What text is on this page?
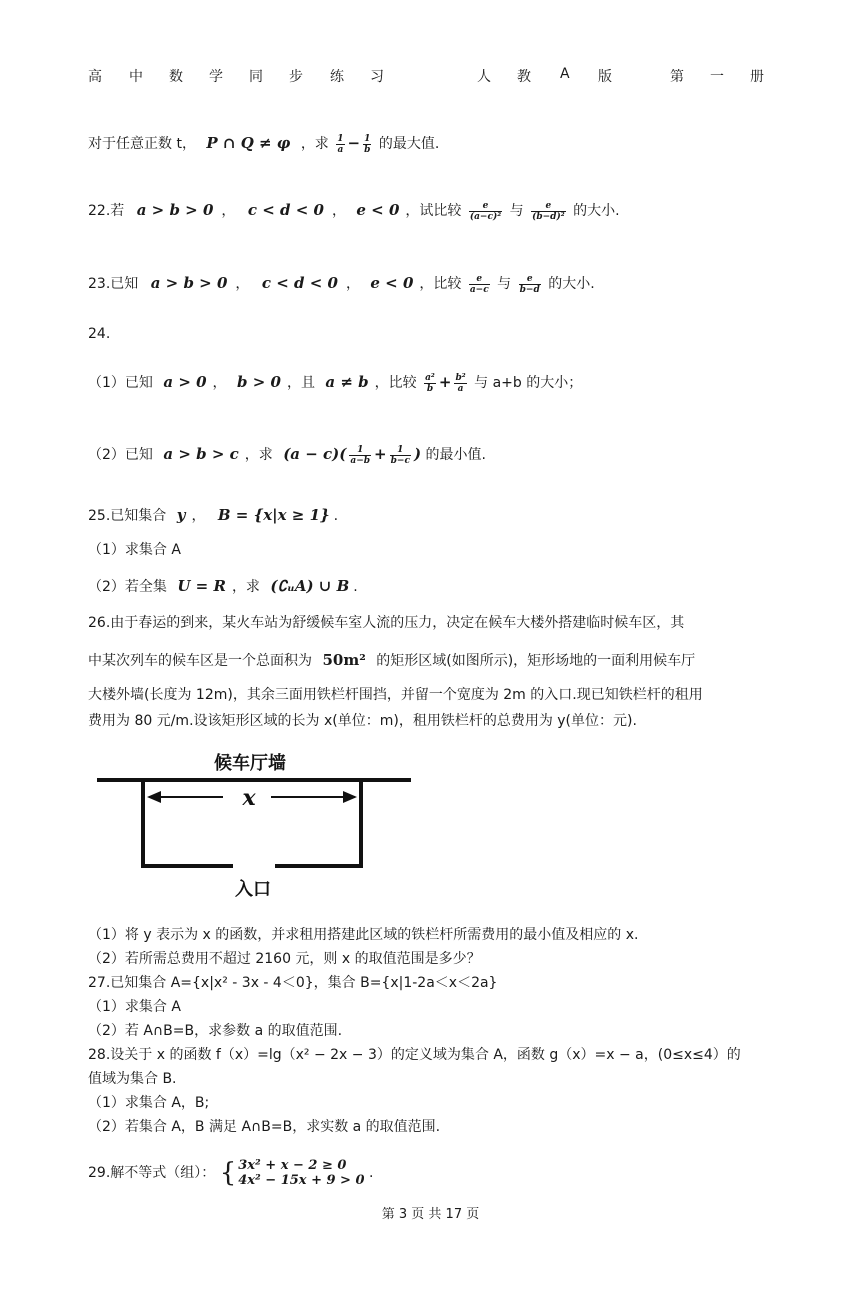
高 中 数 学 同 步 练 习	人 教 A 版	第 一 册
对于任意正数 t， P ∩ Q ≠ φ ，求 $\frac{1}{a} - \frac{1}{b}$ 的最大值.
22.若 a > b > 0 ， c < d < 0 ， e < 0 ，试比较 $\frac{e}{\text{(a−c)²}}$ 与 $\frac{e}{\text{(b−d)²}}$ 的大小.
23.已知 a > b > 0 ， c < d < 0 ， e < 0 ，比较 $\frac{e}{a-c}$ 与 $\frac{e}{b-d}$ 的大小.
24.
（1）已知 a > 0 ， b > 0 ，且 a ≠ b ，比较 $\frac{\text{a²}}{b} + \frac{\text{b²}}{a}$ 与 a+b 的大小；
（2）已知 a > b > c ，求 $(a - c)( \frac{1}{a-b} + \frac{1}{b-c}$ ) 的最小值.
25.已知集合 y ， B = {x|x ≥ 1} .
（1）求集合 A
（2）若全集 U = R ，求 (∁ᵤA) ∪ B .
26.由于春运的到来，某火车站为舒缓候车室人流的压力，决定在候车大楼外搭建临时候车区，其
中某次列车的候车区是一个总面积为 50m² 的矩形区域(如图所示)，矩形场地的一面利用候车厅
大楼外墙(长度为 12m)，其余三面用铁栏杆围挡，并留一个宽度为 2m 的入口.现已知铁栏杆的租用
费用为 80 元/m.设该矩形区域的长为 x(单位：m)，租用铁栏杆的总费用为 y(单位：元).
候车厅墙
x
入口
（1）将 y 表示为 x 的函数，并求租用搭建此区域的铁栏杆所需费用的最小值及相应的 x.
（2）若所需总费用不超过 2160 元，则 x 的取值范围是多少？
27.已知集合 A={x|x² - 3x - 4＜0}，集合 B={x|1-2a＜x＜2a}
（1）求集合 A
（2）若 A∩B=B，求参数 a 的取值范围.
28.设关于 x 的函数 f（x）=lg（x² − 2x − 3）的定义域为集合 A，函数 g（x）=x − a，(0≤x≤4）的
值域为集合 B.
（1）求集合 A，B;
（2）若集合 A，B 满足 A∩B=B，求实数 a 的取值范围.
29.解不等式（组）： { 3x² + x − 2 ≥ 0
4x² − 15x + 9 > 0 .
第 3 页 共 17 页
